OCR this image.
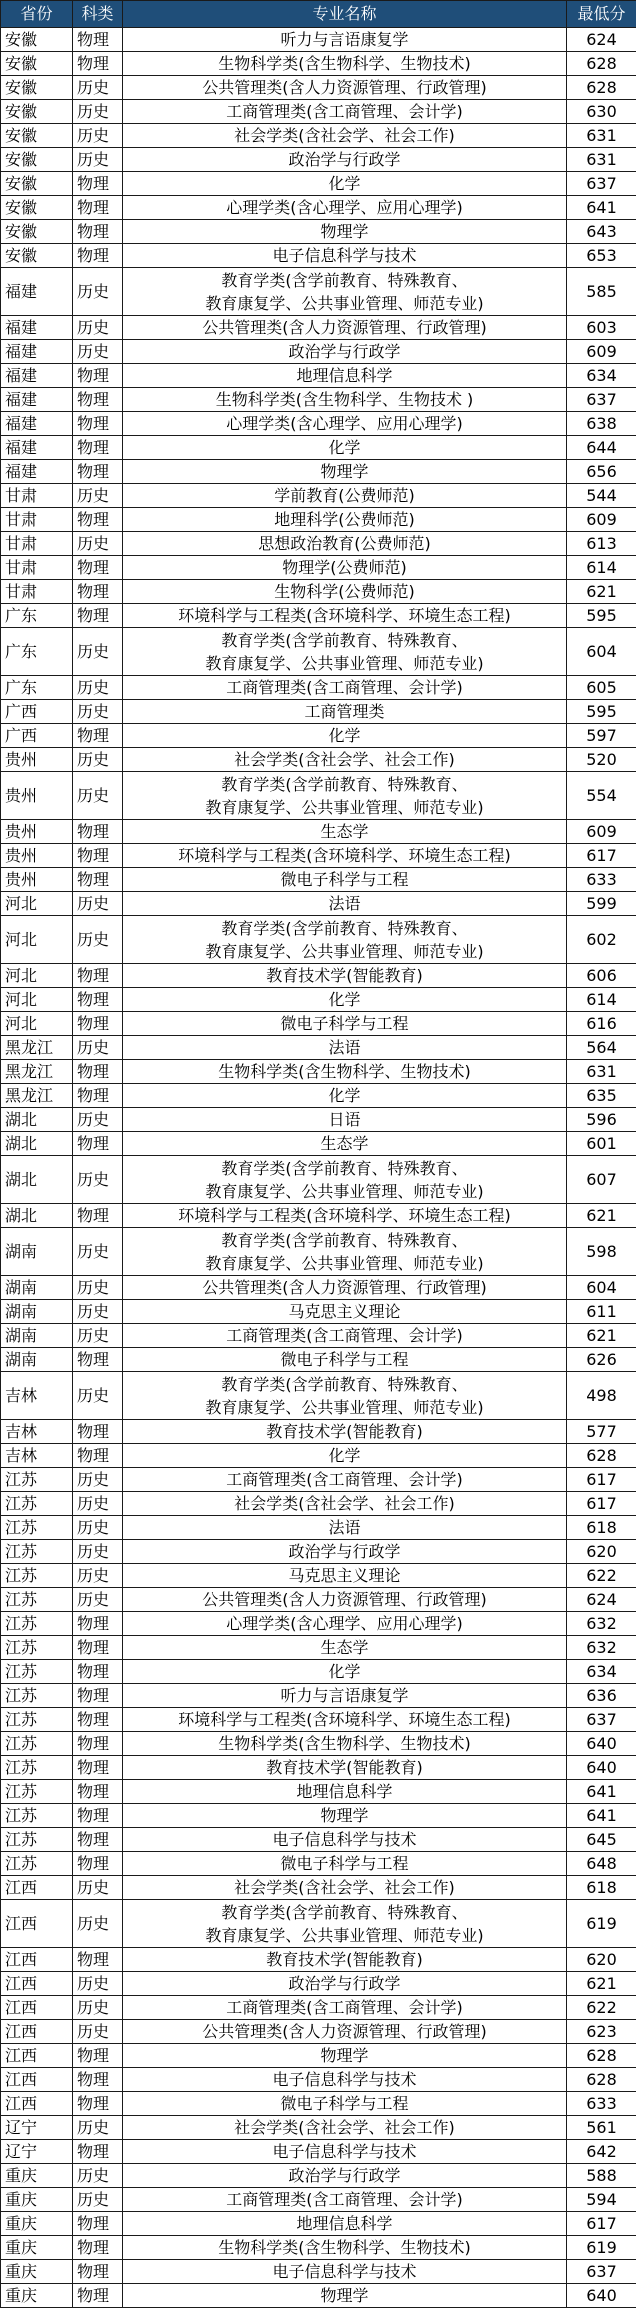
省份	科类	专业名称	最低分
安徽	物理	听力与言语康复学	624
安徽	物理	生物科学类(含生物科学、生物技术)	628
安徽	历史	公共管理类(含人力资源管理、行政管理)	628
安徽	历史	工商管理类(含工商管理、会计学)	630
安徽	历史	社会学类(含社会学、社会工作)	631
安徽	历史	政治学与行政学	631
安徽	物理	化学	637
安徽	物理	心理学类(含心理学、应用心理学)	641
安徽	物理	物理学	643
安徽	物理	电子信息科学与技术	653
福建	历史	教育学类(含学前教育、特殊教育、
教育康复学、公共事业管理、师范专业)	585
福建	历史	公共管理类(含人力资源管理、行政管理)	603
福建	历史	政治学与行政学	609
福建	物理	地理信息科学	634
福建	物理	生物科学类(含生物科学、生物技术 )	637
福建	物理	心理学类(含心理学、应用心理学)	638
福建	物理	化学	644
福建	物理	物理学	656
甘肃	历史	学前教育(公费师范)	544
甘肃	物理	地理科学(公费师范)	609
甘肃	历史	思想政治教育(公费师范)	613
甘肃	物理	物理学(公费师范)	614
甘肃	物理	生物科学(公费师范)	621
广东	物理	环境科学与工程类(含环境科学、环境生态工程)	595
广东	历史	教育学类(含学前教育、特殊教育、
教育康复学、公共事业管理、师范专业)	604
广东	历史	工商管理类(含工商管理、会计学)	605
广西	历史	工商管理类	595
广西	物理	化学	597
贵州	历史	社会学类(含社会学、社会工作)	520
贵州	历史	教育学类(含学前教育、特殊教育、
教育康复学、公共事业管理、师范专业)	554
贵州	物理	生态学	609
贵州	物理	环境科学与工程类(含环境科学、环境生态工程)	617
贵州	物理	微电子科学与工程	633
河北	历史	法语	599
河北	历史	教育学类(含学前教育、特殊教育、
教育康复学、公共事业管理、师范专业)	602
河北	物理	教育技术学(智能教育)	606
河北	物理	化学	614
河北	物理	微电子科学与工程	616
黑龙江	历史	法语	564
黑龙江	物理	生物科学类(含生物科学、生物技术)	631
黑龙江	物理	化学	635
湖北	历史	日语	596
湖北	物理	生态学	601
湖北	历史	教育学类(含学前教育、特殊教育、
教育康复学、公共事业管理、师范专业)	607
湖北	物理	环境科学与工程类(含环境科学、环境生态工程)	621
湖南	历史	教育学类(含学前教育、特殊教育、
教育康复学、公共事业管理、师范专业)	598
湖南	历史	公共管理类(含人力资源管理、行政管理)	604
湖南	历史	马克思主义理论	611
湖南	历史	工商管理类(含工商管理、会计学)	621
湖南	物理	微电子科学与工程	626
吉林	历史	教育学类(含学前教育、特殊教育、
教育康复学、公共事业管理、师范专业)	498
吉林	物理	教育技术学(智能教育)	577
吉林	物理	化学	628
江苏	历史	工商管理类(含工商管理、会计学)	617
江苏	历史	社会学类(含社会学、社会工作)	617
江苏	历史	法语	618
江苏	历史	政治学与行政学	620
江苏	历史	马克思主义理论	622
江苏	历史	公共管理类(含人力资源管理、行政管理)	624
江苏	物理	心理学类(含心理学、应用心理学)	632
江苏	物理	生态学	632
江苏	物理	化学	634
江苏	物理	听力与言语康复学	636
江苏	物理	环境科学与工程类(含环境科学、环境生态工程)	637
江苏	物理	生物科学类(含生物科学、生物技术)	640
江苏	物理	教育技术学(智能教育)	640
江苏	物理	地理信息科学	641
江苏	物理	物理学	641
江苏	物理	电子信息科学与技术	645
江苏	物理	微电子科学与工程	648
江西	历史	社会学类(含社会学、社会工作)	618
江西	历史	教育学类(含学前教育、特殊教育、
教育康复学、公共事业管理、师范专业)	619
江西	物理	教育技术学(智能教育)	620
江西	历史	政治学与行政学	621
江西	历史	工商管理类(含工商管理、会计学)	622
江西	历史	公共管理类(含人力资源管理、行政管理)	623
江西	物理	物理学	628
江西	物理	电子信息科学与技术	628
江西	物理	微电子科学与工程	633
辽宁	历史	社会学类(含社会学、社会工作)	561
辽宁	物理	电子信息科学与技术	642
重庆	历史	政治学与行政学	588
重庆	历史	工商管理类(含工商管理、会计学)	594
重庆	物理	地理信息科学	617
重庆	物理	生物科学类(含生物科学、生物技术)	619
重庆	物理	电子信息科学与技术	637
重庆	物理	物理学	640
